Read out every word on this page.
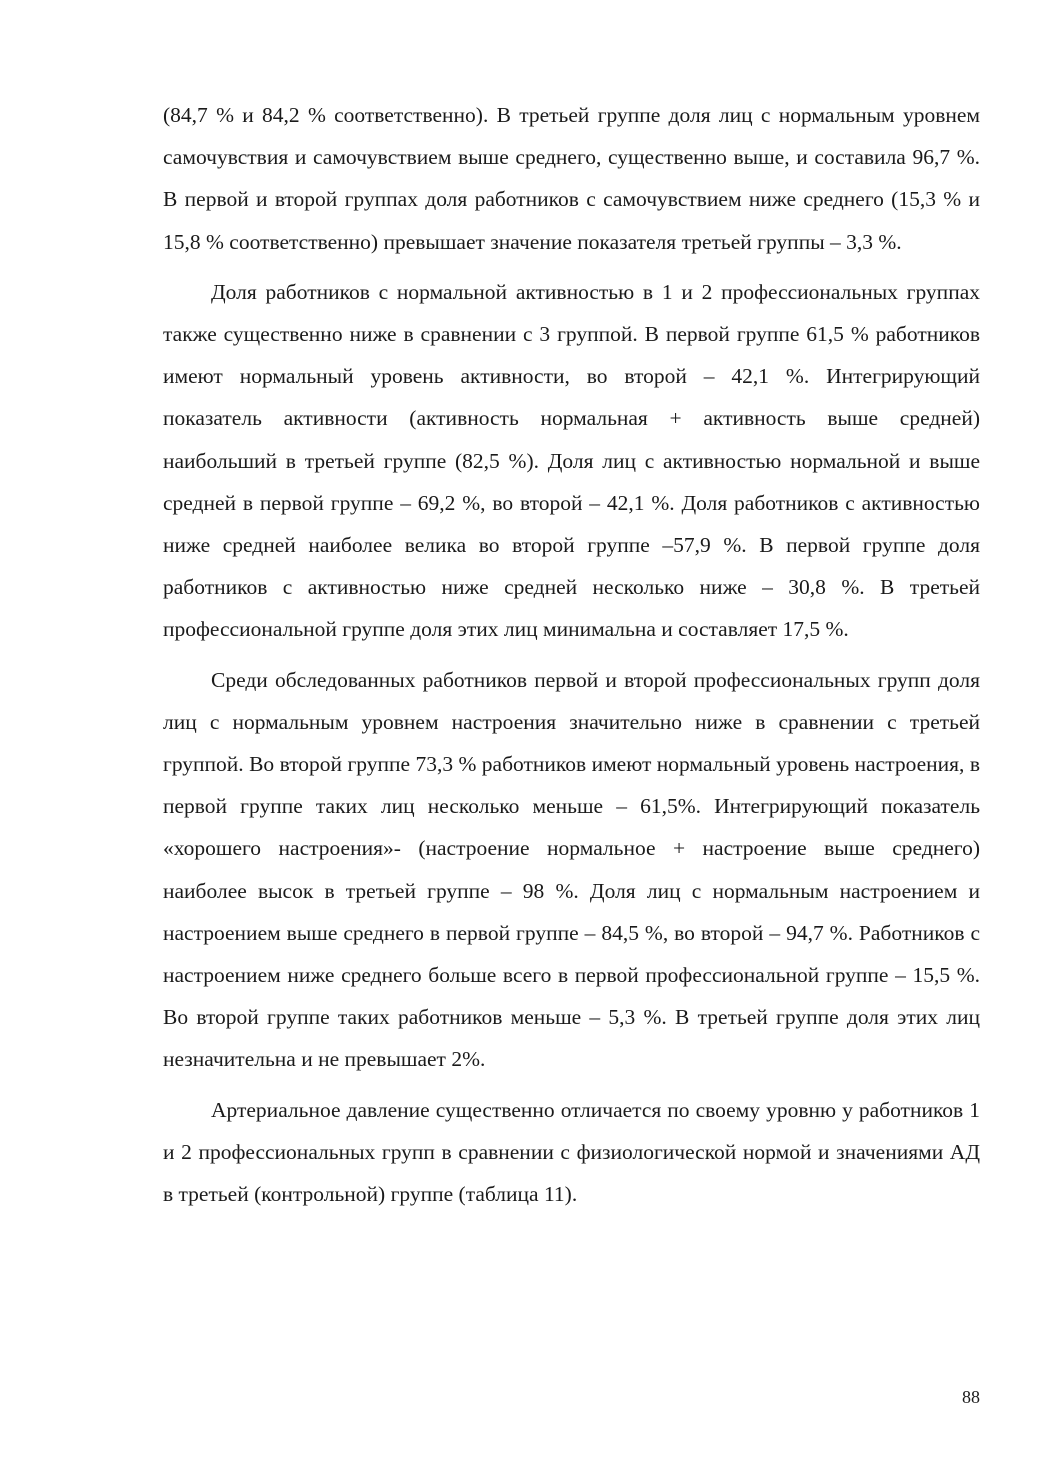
(84,7 % и 84,2 % соответственно). В третьей группе доля лиц с нормальным уровнем самочувствия и самочувствием выше среднего, существенно выше, и составила 96,7 %. В первой и второй группах доля работников с самочувствием ниже среднего (15,3 % и 15,8 % соответственно) превышает значение показателя третьей группы – 3,3 %.

Доля работников с нормальной активностью в 1 и 2 профессиональных группах также существенно ниже в сравнении с 3 группой. В первой группе 61,5 % работников имеют нормальный уровень активности, во второй – 42,1 %. Интегрирующий показатель активности (активность нормальная + активность выше средней) наибольший в третьей группе (82,5 %). Доля лиц с активностью нормальной и выше средней в первой группе – 69,2 %, во второй – 42,1 %. Доля работников с активностью ниже средней наиболее велика во второй группе –57,9 %. В первой группе доля работников с активностью ниже средней несколько ниже – 30,8 %. В третьей профессиональной группе доля этих лиц минимальна и составляет 17,5 %.

Среди обследованных работников первой и второй профессиональных групп доля лиц с нормальным уровнем настроения значительно ниже в сравнении с третьей группой. Во второй группе 73,3 % работников имеют нормальный уровень настроения, в первой группе таких лиц несколько меньше – 61,5%. Интегрирующий показатель «хорошего настроения»- (настроение нормальное + настроение выше среднего) наиболее высок в третьей группе – 98 %. Доля лиц с нормальным настроением и настроением выше среднего в первой группе – 84,5 %, во второй – 94,7 %. Работников с настроением ниже среднего больше всего в первой профессиональной группе – 15,5 %. Во второй группе таких работников меньше – 5,3 %. В третьей группе доля этих лиц незначительна и не превышает 2%.

Артериальное давление существенно отличается по своему уровню у работников 1 и 2 профессиональных групп в сравнении с физиологической нормой и значениями АД в третьей (контрольной) группе (таблица 11).

88
